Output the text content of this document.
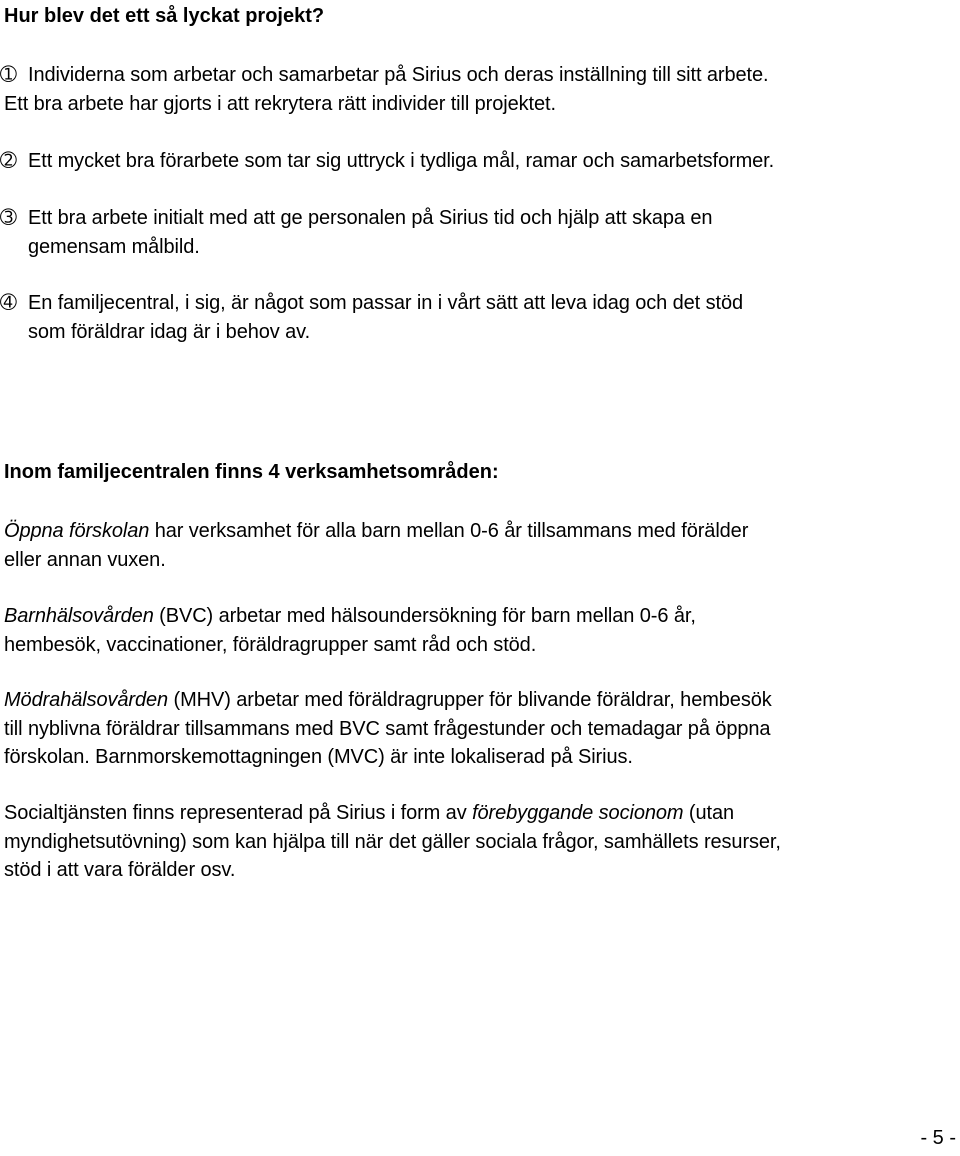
Hur blev det ett så lyckat projekt?
➀ Individerna som arbetar och samarbetar på Sirius och deras inställning till sitt arbete.
Ett bra arbete har gjorts i att rekrytera rätt individer till projektet.
➁ Ett mycket bra förarbete som tar sig uttryck i tydliga mål, ramar och samarbetsformer.
➂ Ett bra arbete initialt med att ge personalen på Sirius tid och hjälp att skapa en
gemensam målbild.
➃ En familjecentral, i sig, är något som passar in i vårt sätt att leva idag och det stöd
som föräldrar idag är i behov av.
Inom familjecentralen finns 4 verksamhetsområden:
Öppna förskolan har verksamhet för alla barn mellan 0-6 år tillsammans med förälder
eller annan vuxen.
Barnhälsovården (BVC) arbetar med hälsoundersökning för barn mellan 0-6 år,
hembesök, vaccinationer, föräldragrupper samt råd och stöd.
Mödrahälsovården (MHV) arbetar med föräldragrupper för blivande föräldrar, hembesök
till nyblivna föräldrar tillsammans med BVC samt frågestunder och temadagar på öppna
förskolan. Barnmorskemottagningen (MVC) är inte lokaliserad på Sirius.
Socialtjänsten finns representerad på Sirius i form av förebyggande socionom (utan
myndighetsutövning) som kan hjälpa till när det gäller sociala frågor, samhällets resurser,
stöd i att vara förälder osv.
- 5 -
